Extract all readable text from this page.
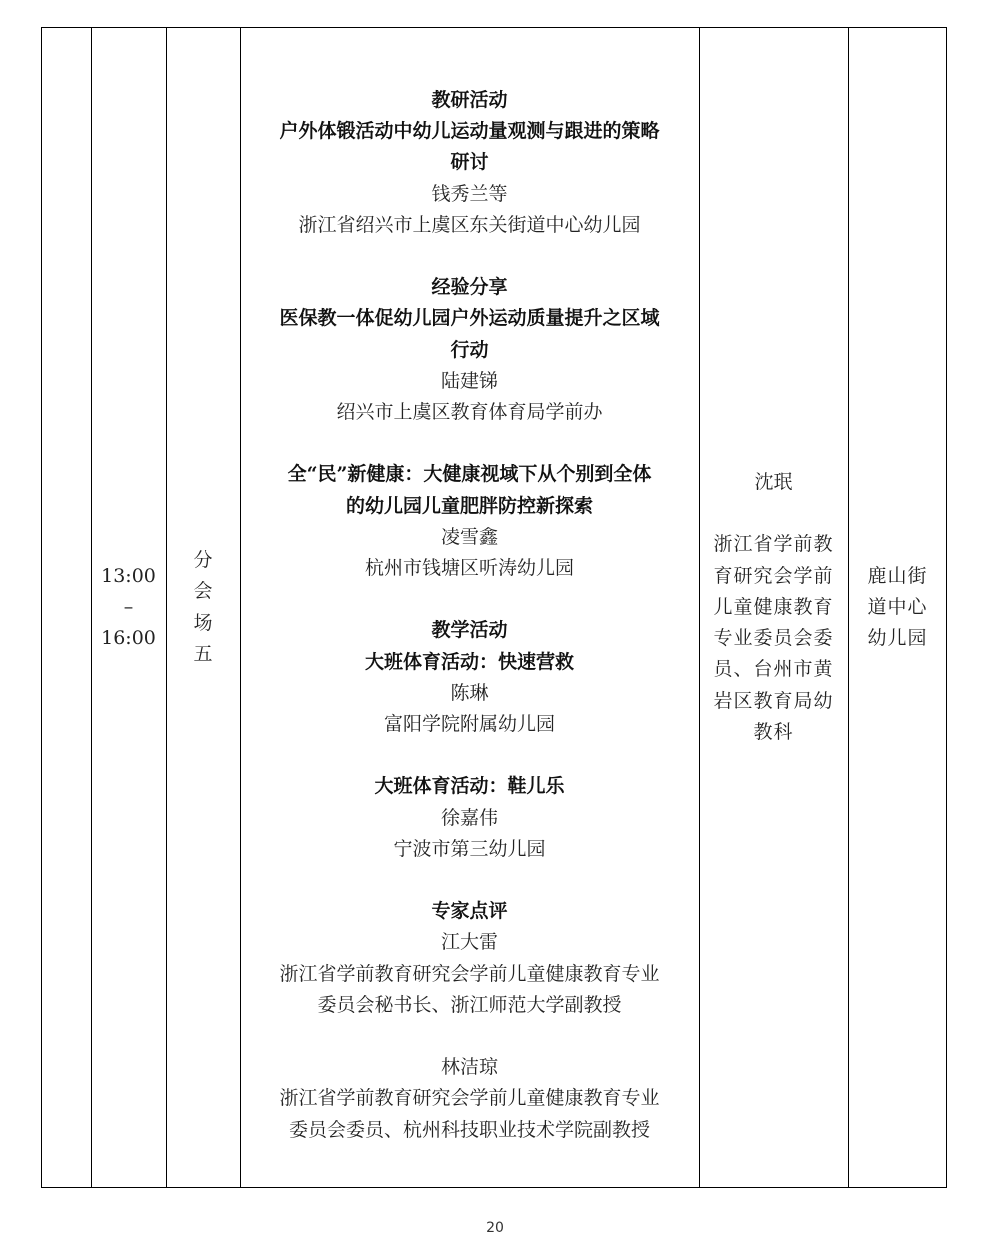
13:00
–
16:00
分
会
场
五
教研活动
户外体锻活动中幼儿运动量观测与跟进的策略
研讨
钱秀兰等
浙江省绍兴市上虞区东关街道中心幼儿园
经验分享
医保教一体促幼儿园户外运动质量提升之区域
行动
陆建锑
绍兴市上虞区教育体育局学前办
全“民”新健康：大健康视域下从个别到全体
的幼儿园儿童肥胖防控新探索
凌雪鑫
杭州市钱塘区听涛幼儿园
教学活动
大班体育活动：快速营救
陈琳
富阳学院附属幼儿园
大班体育活动：鞋儿乐
徐嘉伟
宁波市第三幼儿园
专家点评
江大雷
浙江省学前教育研究会学前儿童健康教育专业
委员会秘书长、浙江师范大学副教授
林洁琼
浙江省学前教育研究会学前儿童健康教育专业
委员会委员、杭州科技职业技术学院副教授
沈珉
浙江省学前教育研究会学前儿童健康教育专业委员会委员、台州市黄岩区教育局幼教科
鹿山街道中心幼儿园
20
